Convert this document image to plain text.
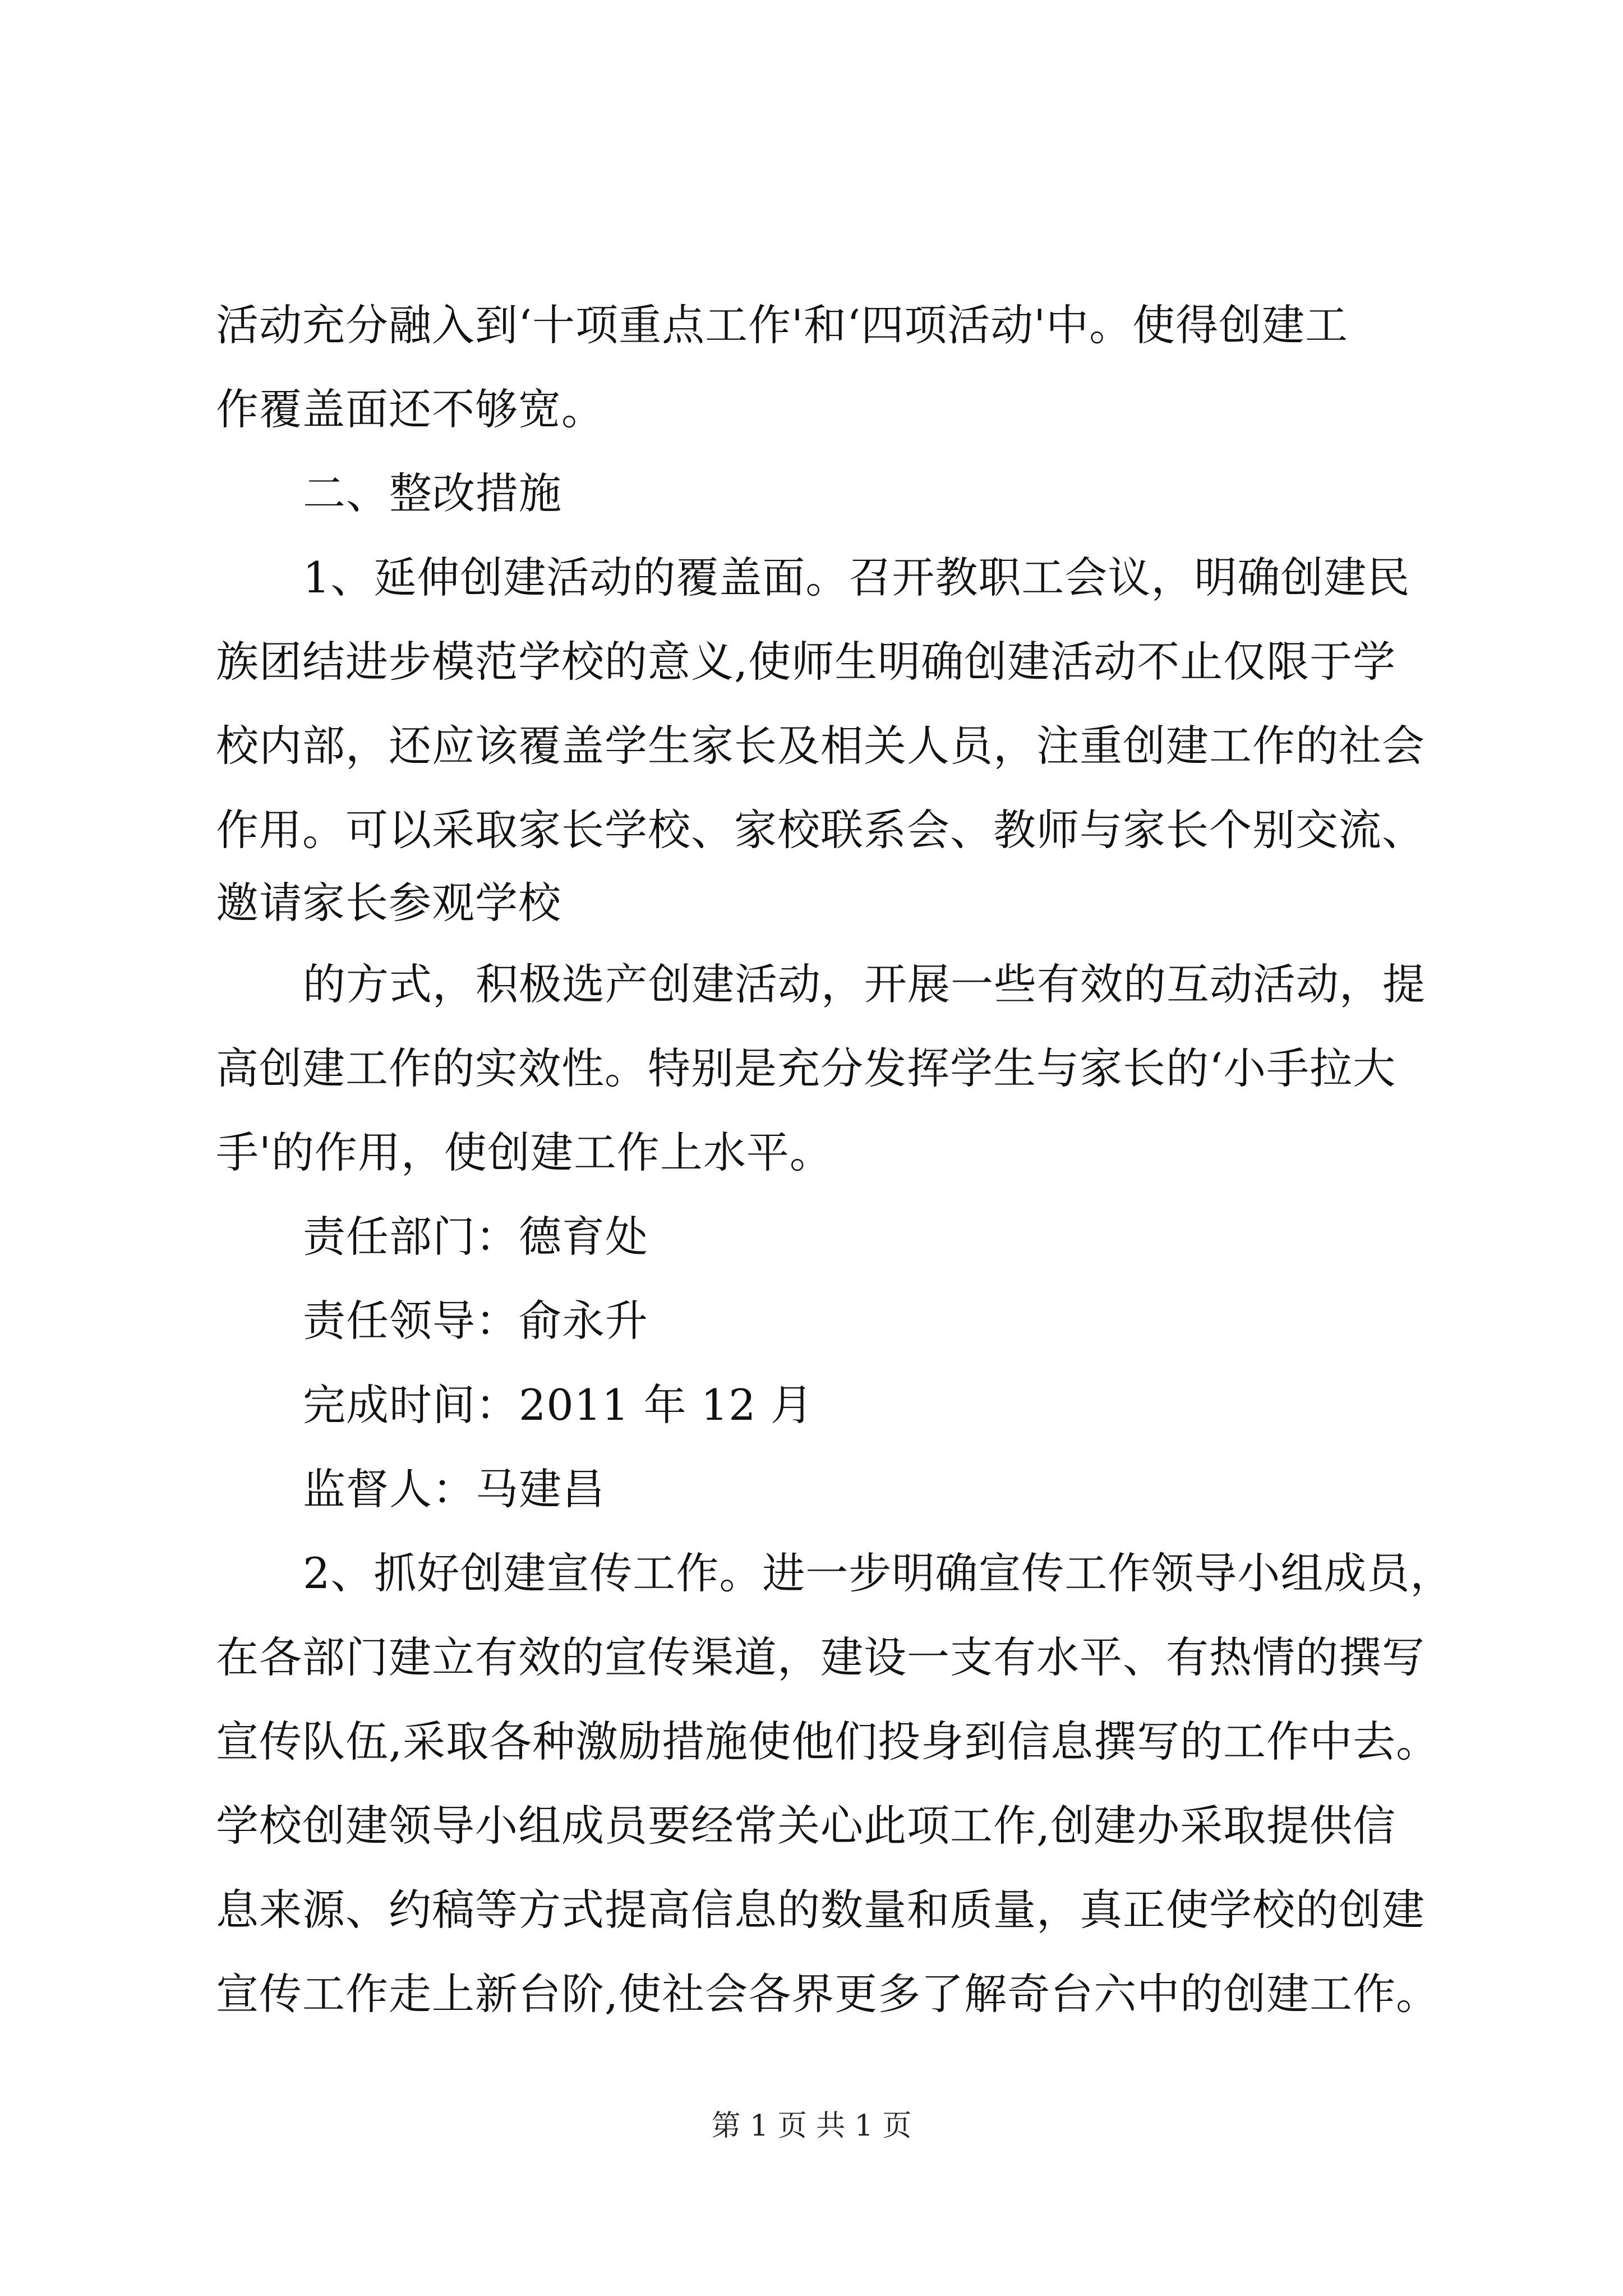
活动充分融入到‘十项重点工作'和‘四项活动'中。使得创建工
作覆盖面还不够宽。
二、整改措施
1、延伸创建活动的覆盖面。召开教职工会议，明确创建民
族团结进步模范学校的意义,使师生明确创建活动不止仅限于学
校内部，还应该覆盖学生家长及相关人员，注重创建工作的社会
作用。可以采取家长学校、家校联系会、教师与家长个别交流、
邀请家长参观学校
的方式，积极选产创建活动，开展一些有效的互动活动，提
高创建工作的实效性。特别是充分发挥学生与家长的‘小手拉大
手'的作用，使创建工作上水平。
责任部门：德育处
责任领导：俞永升
完成时间：2011 年 12 月
监督人：马建昌
2、抓好创建宣传工作。进一步明确宣传工作领导小组成员，
在各部门建立有效的宣传渠道，建设一支有水平、有热情的撰写
宣传队伍,采取各种激励措施使他们投身到信息撰写的工作中去。
学校创建领导小组成员要经常关心此项工作,创建办采取提供信
息来源、约稿等方式提高信息的数量和质量，真正使学校的创建
宣传工作走上新台阶,使社会各界更多了解奇台六中的创建工作。
第 1 页 共 1 页
